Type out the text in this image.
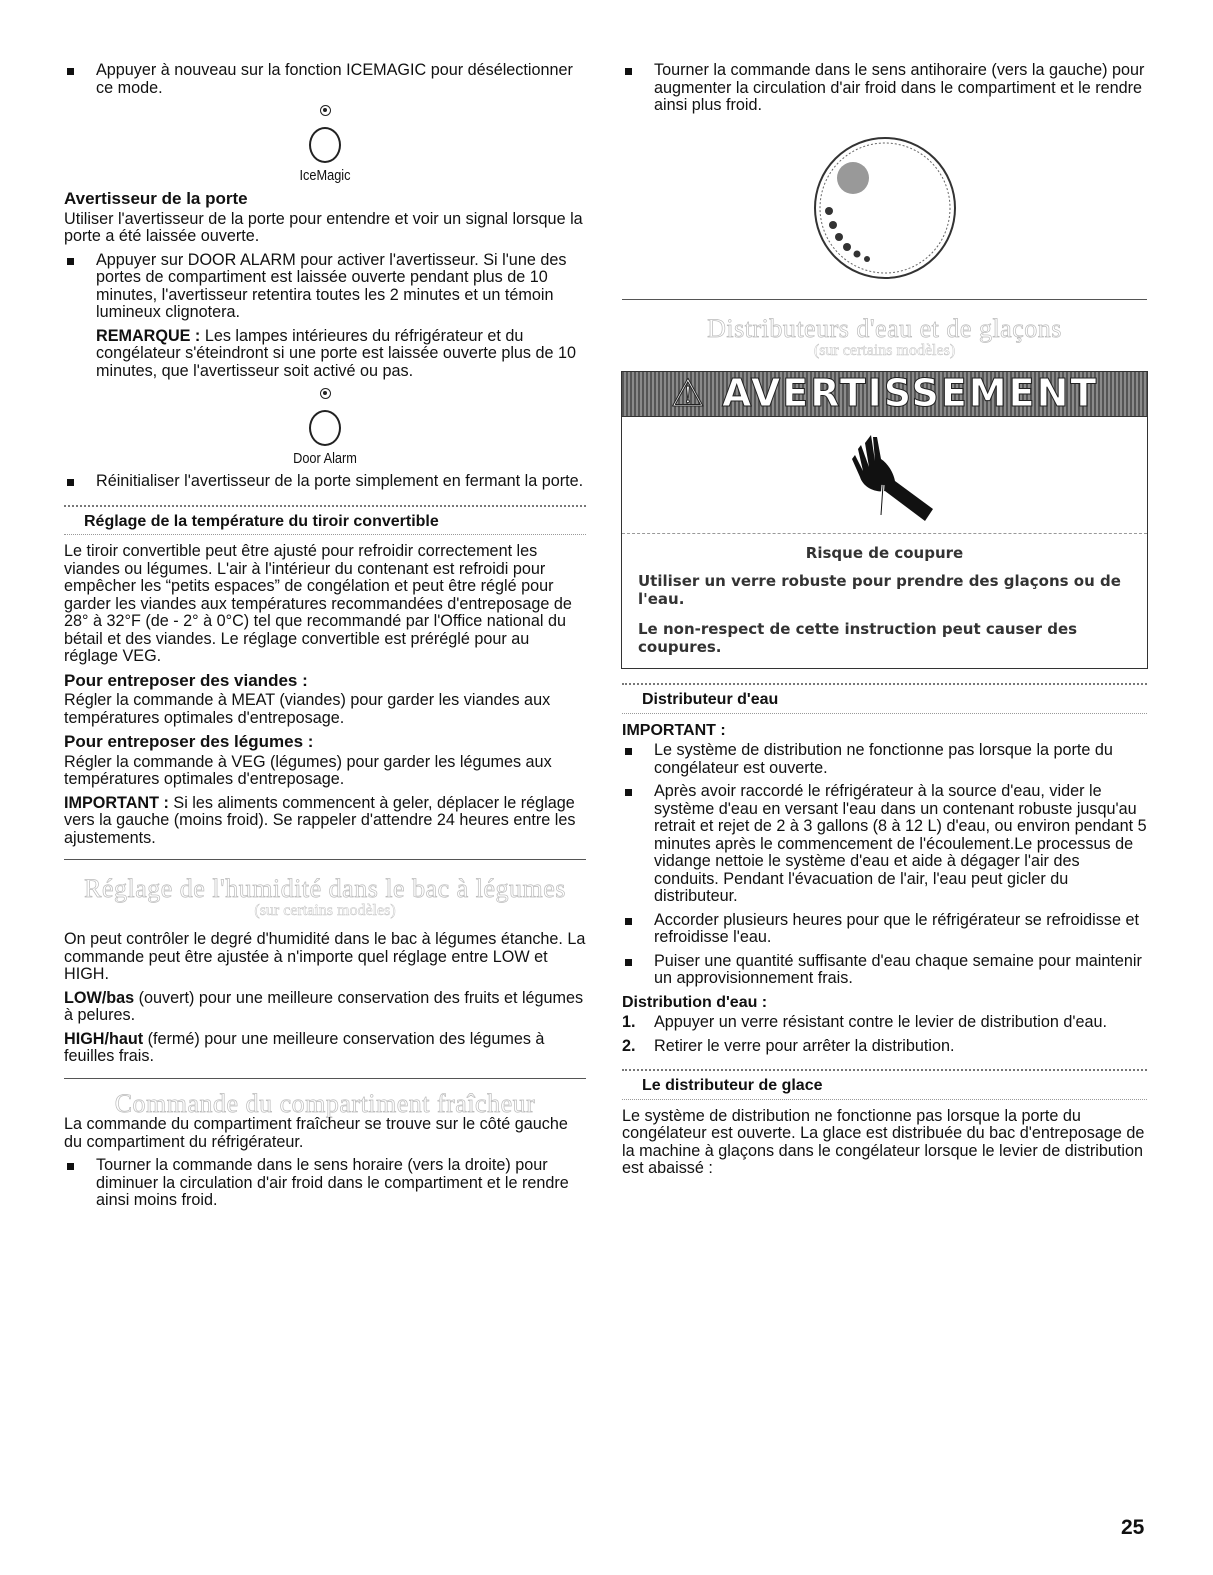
Appuyer à nouveau sur la fonction ICEMAGIC pour désélectionner ce mode.
IceMagic
Avertisseur de la porte

Utiliser l'avertisseur de la porte pour entendre et voir un signal lorsque la porte a été laissée ouverte.

Appuyer sur DOOR ALARM pour activer l'avertisseur. Si l'une des portes de compartiment est laissée ouverte pendant plus de 10 minutes, l'avertisseur retentira toutes les 2 minutes et un témoin lumineux clignotera.

REMARQUE : Les lampes intérieures du réfrigérateur et du congélateur s'éteindront si une porte est laissée ouverte plus de 10 minutes, que l'avertisseur soit activé ou pas.

Door Alarm
Réinitialiser l'avertisseur de la porte simplement en fermant la porte.
Réglage de la température du tiroir convertible

Le tiroir convertible peut être ajusté pour refroidir correctement les viandes ou légumes. L'air à l'intérieur du contenant est refroidi pour empêcher les “petits espaces” de congélation et peut être réglé pour garder les viandes aux températures recommandées d'entreposage de 28° à 32°F (de - 2° à 0°C) tel que recommandé par l'Office national du bétail et des viandes. Le réglage convertible est préréglé pour au réglage VEG.

Pour entreposer des viandes :

Régler la commande à MEAT (viandes) pour garder les viandes aux températures optimales d'entreposage.

Pour entreposer des légumes :

Régler la commande à VEG (légumes) pour garder les légumes aux températures optimales d'entreposage.

IMPORTANT : Si les aliments commencent à geler, déplacer le réglage vers la gauche (moins froid). Se rappeler d'attendre 24 heures entre les ajustements.

Réglage de l'humidité dans le bac à légumes
(sur certains modèles)

On peut contrôler le degré d'humidité dans le bac à légumes étanche. La commande peut être ajustée à n'importe quel réglage entre LOW et HIGH.

LOW/bas (ouvert) pour une meilleure conservation des fruits et légumes à pelures.

HIGH/haut (fermé) pour une meilleure conservation des légumes à feuilles frais.

Commande du compartiment fraîcheur

La commande du compartiment fraîcheur se trouve sur le côté gauche du compartiment du réfrigérateur.

Tourner la commande dans le sens horaire (vers la droite) pour diminuer la circulation d'air froid dans le compartiment et le rendre ainsi moins froid.
Tourner la commande dans le sens antihoraire (vers la gauche) pour augmenter la circulation d'air froid dans le compartiment et le rendre ainsi plus froid.
Distributeurs d'eau et de glaçons
(sur certains modèles)
⚠ AVERTISSEMENT
Risque de coupure

Utiliser un verre robuste pour prendre des glaçons ou de l'eau.

Le non-respect de cette instruction peut causer des coupures.

Distributeur d'eau
IMPORTANT :
Le système de distribution ne fonctionne pas lorsque la porte du congélateur est ouverte.
Après avoir raccordé le réfrigérateur à la source d'eau, vider le système d'eau en versant l'eau dans un contenant robuste jusqu'au retrait et rejet de 2 à 3 gallons (8 à 12 L) d'eau, ou environ pendant 5 minutes après le commencement de l'écoulement.Le processus de vidange nettoie le système d'eau et aide à dégager l'air des conduits. Pendant l'évacuation de l'air, l'eau peut gicler du distributeur.
Accorder plusieurs heures pour que le réfrigérateur se refroidisse et refroidisse l'eau.
Puiser une quantité suffisante d'eau chaque semaine pour maintenir un approvisionnement frais.
Distribution d'eau :
1. Appuyer un verre résistant contre le levier de distribution d'eau.
2. Retirer le verre pour arrêter la distribution.
Le distributeur de glace

Le système de distribution ne fonctionne pas lorsque la porte du congélateur est ouverte. La glace est distribuée du bac d'entreposage de la machine à glaçons dans le congélateur lorsque le levier de distribution est abaissé :

25
